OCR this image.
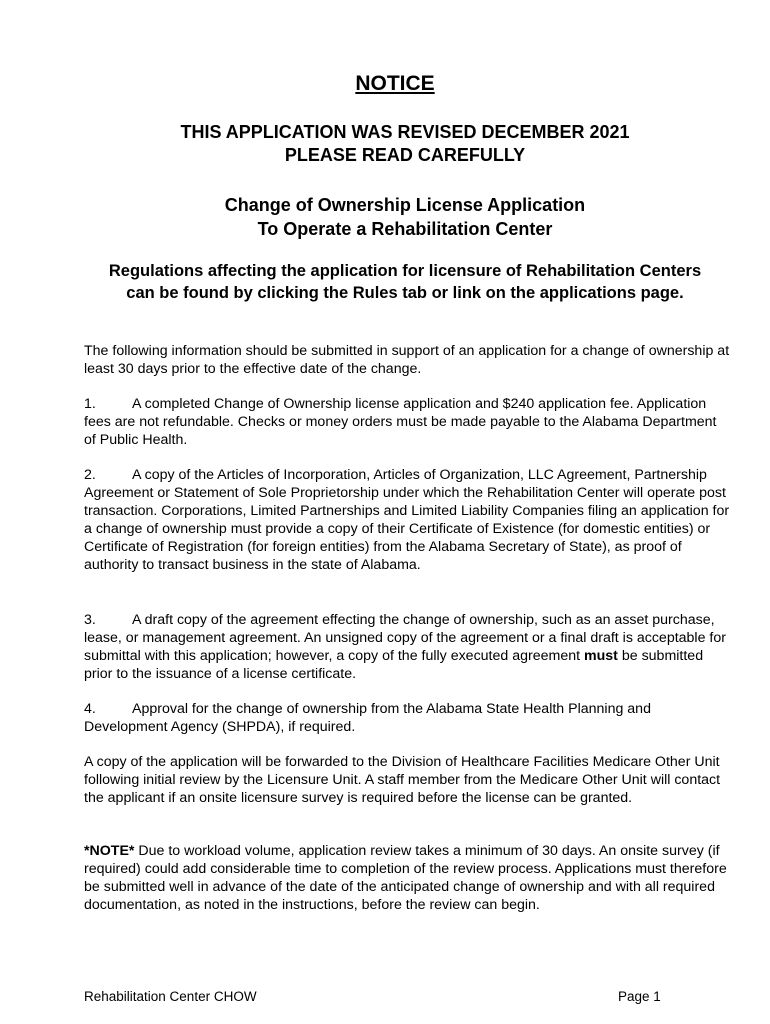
NOTICE
THIS APPLICATION WAS REVISED DECEMBER 2021
PLEASE READ CAREFULLY
Change of Ownership License Application
To Operate a Rehabilitation Center
Regulations affecting the application for licensure of Rehabilitation Centers can be found by clicking the Rules tab or link on the applications page.

The following information should be submitted in support of an application for a change of ownership at least 30 days prior to the effective date of the change.

1.	A completed Change of Ownership license application and $240 application fee. Application fees are not refundable. Checks or money orders must be made payable to the Alabama Department of Public Health.

2.	A copy of the Articles of Incorporation, Articles of Organization, LLC Agreement, Partnership Agreement or Statement of Sole Proprietorship under which the Rehabilitation Center will operate post transaction. Corporations, Limited Partnerships and Limited Liability Companies filing an application for a change of ownership must provide a copy of their Certificate of Existence (for domestic entities) or Certificate of Registration (for foreign entities) from the Alabama Secretary of State), as proof of authority to transact business in the state of Alabama.

3.	A draft copy of the agreement effecting the change of ownership, such as an asset purchase, lease, or management agreement. An unsigned copy of the agreement or a final draft is acceptable for submittal with this application; however, a copy of the fully executed agreement must be submitted prior to the issuance of a license certificate.

4.	Approval for the change of ownership from the Alabama State Health Planning and Development Agency (SHPDA), if required.

A copy of the application will be forwarded to the Division of Healthcare Facilities Medicare Other Unit following initial review by the Licensure Unit. A staff member from the Medicare Other Unit will contact the applicant if an onsite licensure survey is required before the license can be granted.

*NOTE* Due to workload volume, application review takes a minimum of 30 days. An onsite survey (if required) could add considerable time to completion of the review process. Applications must therefore be submitted well in advance of the date of the anticipated change of ownership and with all required documentation, as noted in the instructions, before the review can begin.

Rehabilitation Center CHOW	Page 1
